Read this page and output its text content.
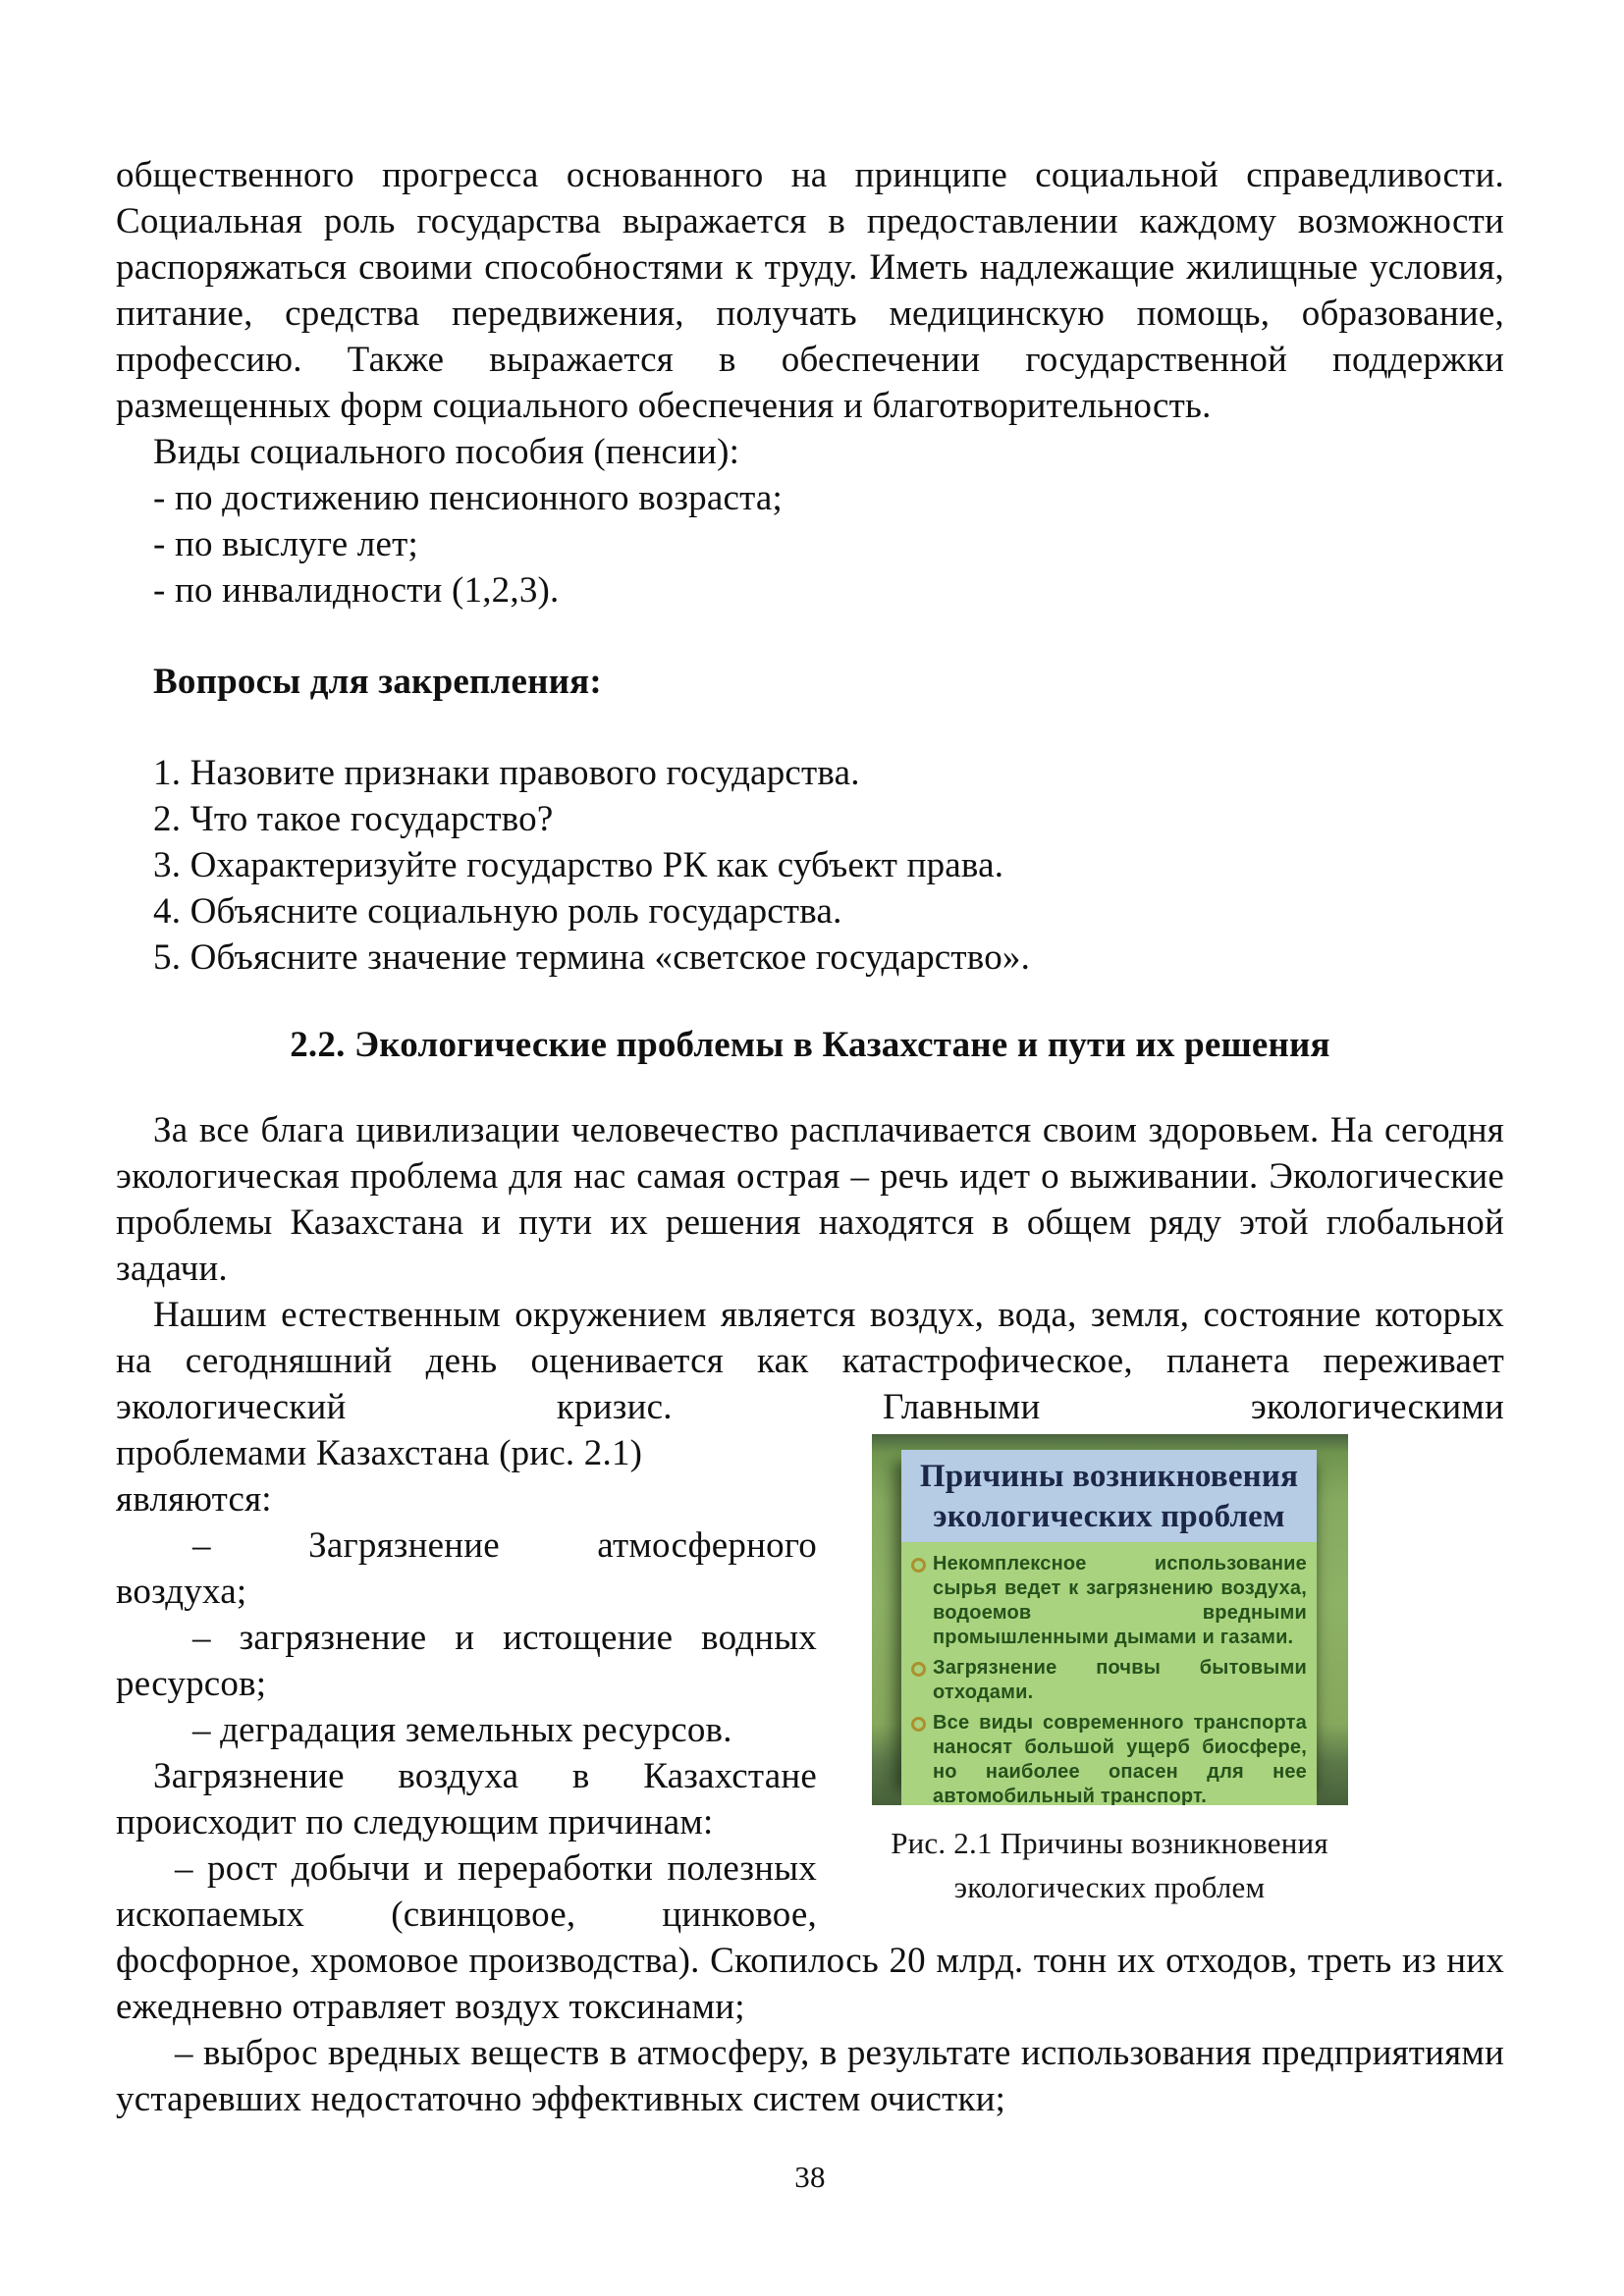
общественного прогресса основанного на принципе социальной справедливости. Социальная роль государства выражается в предоставлении каждому возможности распоряжаться своими способностями к труду. Иметь надлежащие жилищные условия, питание, средства передвижения, получать медицинскую помощь, образование, профессию. Также выражается в обеспечении государственной поддержки размещенных форм социального обеспечения и благотворительность.

Виды социального пособия (пенсии):
- по достижению пенсионного возраста;
- по выслуге лет;
- по инвалидности (1,2,3).
Вопросы для закрепления:
1. Назовите признаки правового государства.
2. Что такое государство?
3. Охарактеризуйте государство РК как субъект права.
4. Объясните социальную роль государства.
5. Объясните значение термина «светское государство».
2.2. Экологические проблемы в Казахстане и пути их решения

За все блага цивилизации человечество расплачивается своим здоровьем. На сегодня экологическая проблема для нас самая острая – речь идет о выживании. Экологические проблемы Казахстана и пути их решения находятся в общем ряду этой глобальной задачи.

Нашим естественным окружением является воздух, вода, земля, состояние которых на сегодняшний день оценивается как катастрофическое, планета переживает экологический кризис. Главными экологическими

Причины возникновения экологических проблем
Некомплексное использование сырья ведет к загрязнению воздуха, водоемов вредными промышленными дымами и газами.
Загрязнение почвы бытовыми отходами.
Все виды современного транспорта наносят большой ущерб биосфере, но наиболее опасен для нее автомобильный транспорт.
Рис. 2.1 Причины возникновения экологических проблем
проблемами Казахстана (рис. 2.1)
являются:

– Загрязнение атмосферного воздуха;

– загрязнение и истощение водных ресурсов;

– деградация земельных ресурсов.

Загрязнение воздуха в Казахстане происходит по следующим причинам:

– рост добычи и переработки полезных ископаемых (свинцовое, цинковое, фосфорное, хромовое производства). Скопилось 20 млрд. тонн их отходов, треть из них ежедневно отравляет воздух токсинами;

– выброс вредных веществ в атмосферу, в результате использования предприятиями устаревших недостаточно эффективных систем очистки;

38
